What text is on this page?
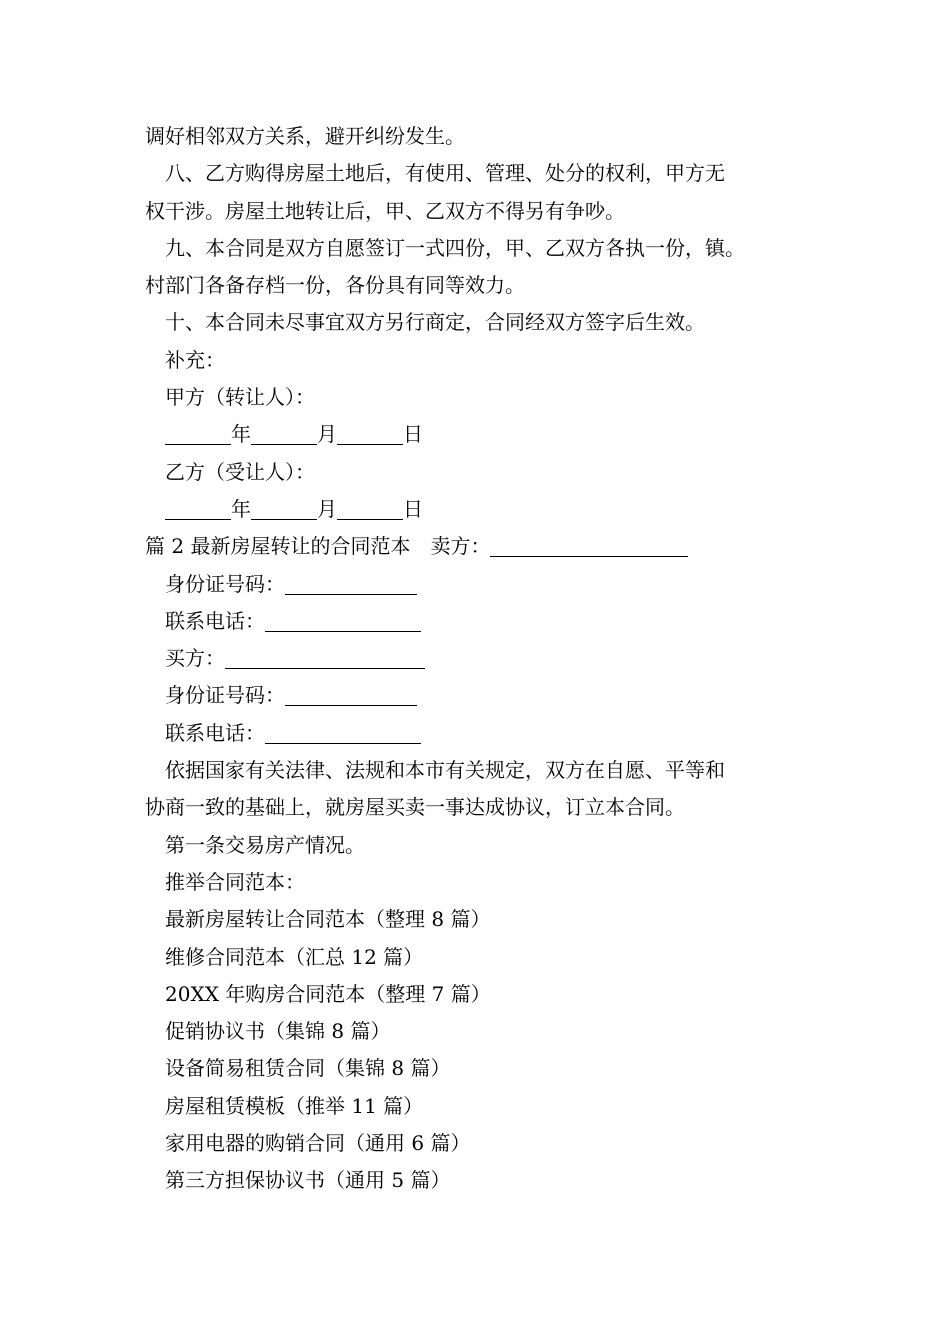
调好相邻双方关系，避开纠纷发生。
八、乙方购得房屋土地后，有使用、管理、处分的权利，甲方无
权干涉。房屋土地转让后，甲、乙双方不得另有争吵。
九、本合同是双方自愿签订一式四份，甲、乙双方各执一份，镇。
村部门各备存档一份，各份具有同等效力。
十、本合同未尽事宜双方另行商定，合同经双方签字后生效。
补充：
甲方（转让人）：
年	月	日
乙方（受让人）：
年	月	日
篇 2 最新房屋转让的合同范本 卖方：
身份证号码：
联系电话：
买方：
身份证号码：
联系电话：
依据国家有关法律、法规和本市有关规定，双方在自愿、平等和
协商一致的基础上，就房屋买卖一事达成协议，订立本合同。
第一条交易房产情况。
推举合同范本：
最新房屋转让合同范本（整理 8 篇）
维修合同范本（汇总 12 篇）
20XX 年购房合同范本（整理 7 篇）
促销协议书（集锦 8 篇）
设备简易租赁合同（集锦 8 篇）
房屋租赁模板（推举 11 篇）
家用电器的购销合同（通用 6 篇）
第三方担保协议书（通用 5 篇）
